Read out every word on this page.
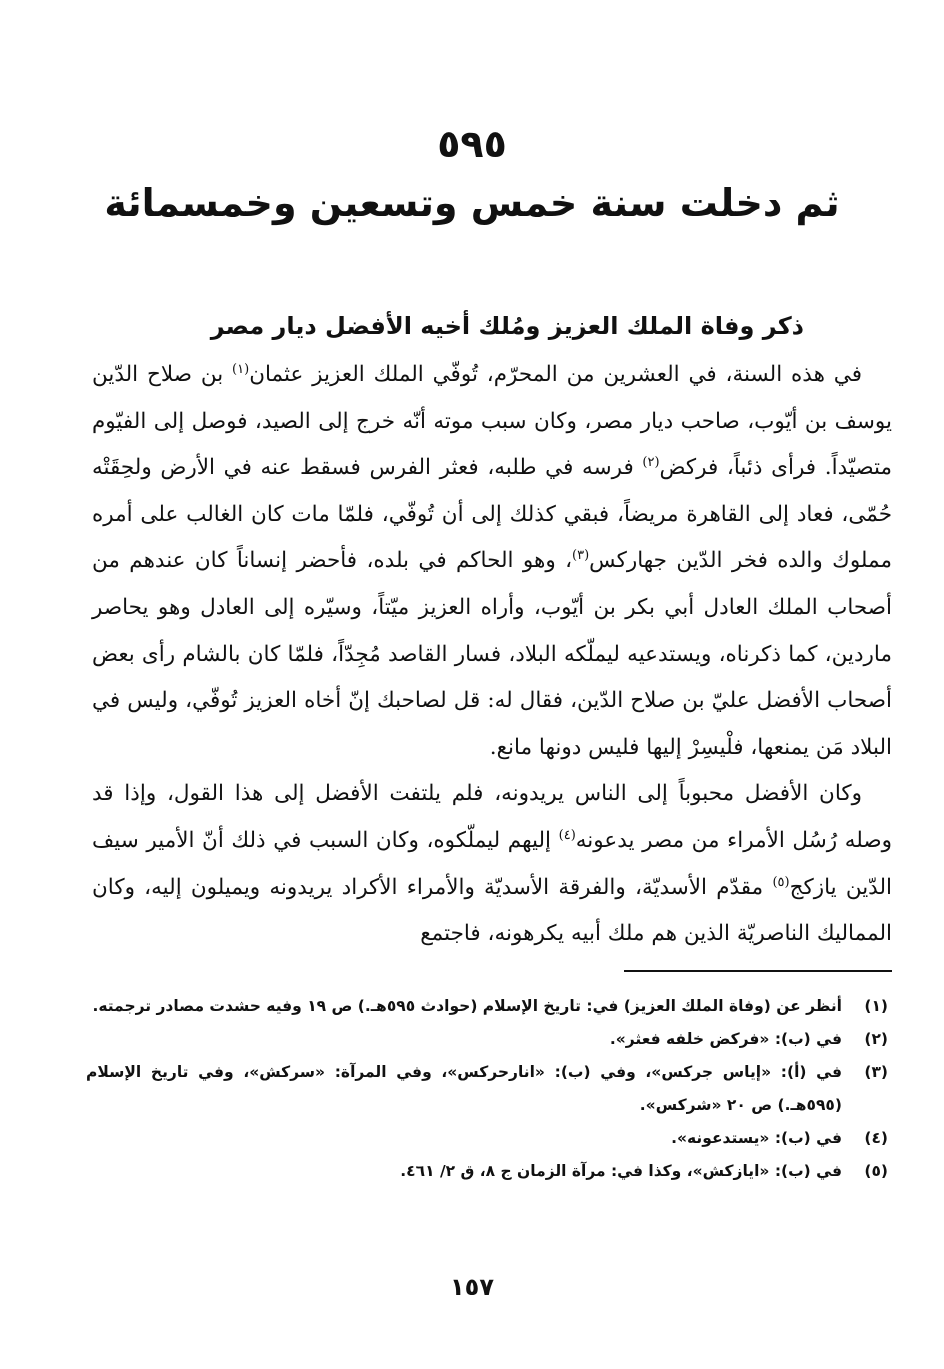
٥٩٥
ثم دخلت سنة خمس وتسعين وخمسمائة
ذكر وفاة الملك العزيز ومُلك أخيه الأفضل ديار مصر

في هذه السنة، في العشرين من المحرّم، تُوفّي الملك العزيز عثمان$^{(١)}$ بن صلاح الدّين يوسف بن أيّوب، صاحب ديار مصر، وكان سبب موته أنّه خرج إلى الصيد، فوصل إلى الفيّوم متصيّداً. فرأى ذئباً، فركض$^{(٢)}$ فرسه في طلبه، فعثر الفرس فسقط عنه في الأرض ولحِقَتْه حُمّى، فعاد إلى القاهرة مريضاً، فبقي كذلك إلى أن تُوفّي، فلمّا مات كان الغالب على أمره مملوك والده فخر الدّين جهاركس$^{(٣)}$، وهو الحاكم في بلده، فأحضر إنساناً كان عندهم من أصحاب الملك العادل أبي بكر بن أيّوب، وأراه العزيز ميّتاً، وسيّره إلى العادل وهو يحاصر ماردين، كما ذكرناه، ويستدعيه ليملّكه البلاد، فسار القاصد مُجِدّاً، فلمّا كان بالشام رأى بعض أصحاب الأفضل عليّ بن صلاح الدّين، فقال له: قل لصاحبك إنّ أخاه العزيز تُوفّي، وليس في البلاد مَن يمنعها، فلْيسِرْ إليها فليس دونها مانع.

وكان الأفضل محبوباً إلى الناس يريدونه، فلم يلتفت الأفضل إلى هذا القول، وإذا قد وصله رُسُل الأمراء من مصر يدعونه$^{(٤)}$ إليهم ليملّكوه، وكان السبب في ذلك أنّ الأمير سيف الدّين يازكج$^{(٥)}$ مقدّم الأسديّة، والفرقة الأسديّة والأمراء الأكراد يريدونه ويميلون إليه، وكان المماليك الناصريّة الذين هم ملك أبيه يكرهونه، فاجتمع

(١)
أنظر عن (وفاة الملك العزيز) في: تاريخ الإسلام (حوادث ٥٩٥هـ.) ص ١٩ وفيه حشدت مصادر ترجمته.
(٢)
في (ب): «فركض خلفه فعثر».
(٣)
في (أ): «إياس جركس»، وفي (ب): «انارحركس»، وفي المرآة: «سركش»، وفي تاريخ الإسلام (٥٩٥هـ.) ص ٢٠ «شركس».
(٤)
في (ب): «يستدعونه».
(٥)
في (ب): «ايازكش»، وكذا في: مرآة الزمان ج ٨، ق ٢/ ٤٦١.
١٥٧
